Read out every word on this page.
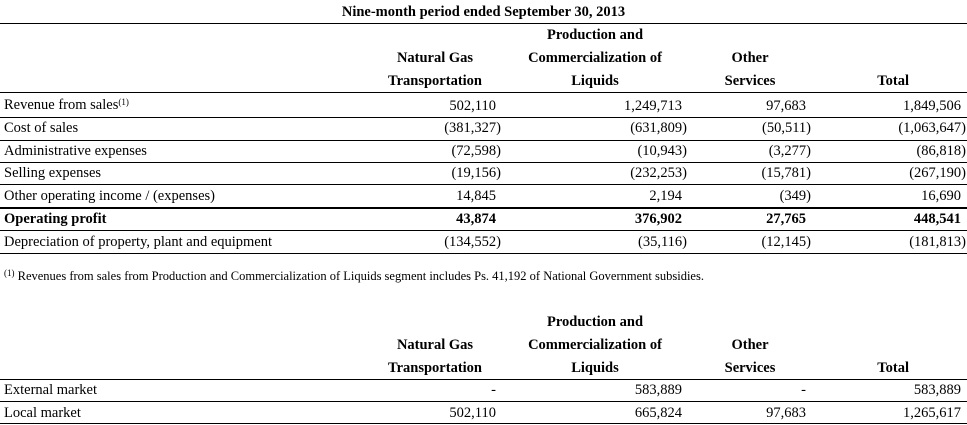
Nine-month period ended September 30, 2013
Production and
Natural Gas	Commercialization of	Other
Transportation	Liquids	Services	Total
Revenue from sales$^{(1)}$	502,110	1,249,713	97,683	1,849,506
Cost of sales	(381,327)	(631,809)	(50,511)	(1,063,647)
Administrative expenses	(72,598)	(10,943)	(3,277)	(86,818)
Selling expenses	(19,156)	(232,253)	(15,781)	(267,190)
Other operating income / (expenses)	14,845	2,194	(349)	16,690
Operating profit	43,874	376,902	27,765	448,541
Depreciation of property, plant and equipment	(134,552)	(35,116)	(12,145)	(181,813)
$^{(1)}$ Revenues from sales from Production and Commercialization of Liquids segment includes Ps. 41,192 of National Government subsidies.
Production and
Natural Gas	Commercialization of	Other
Transportation	Liquids	Services	Total
External market	-	583,889	-	583,889
Local market	502,110	665,824	97,683	1,265,617
